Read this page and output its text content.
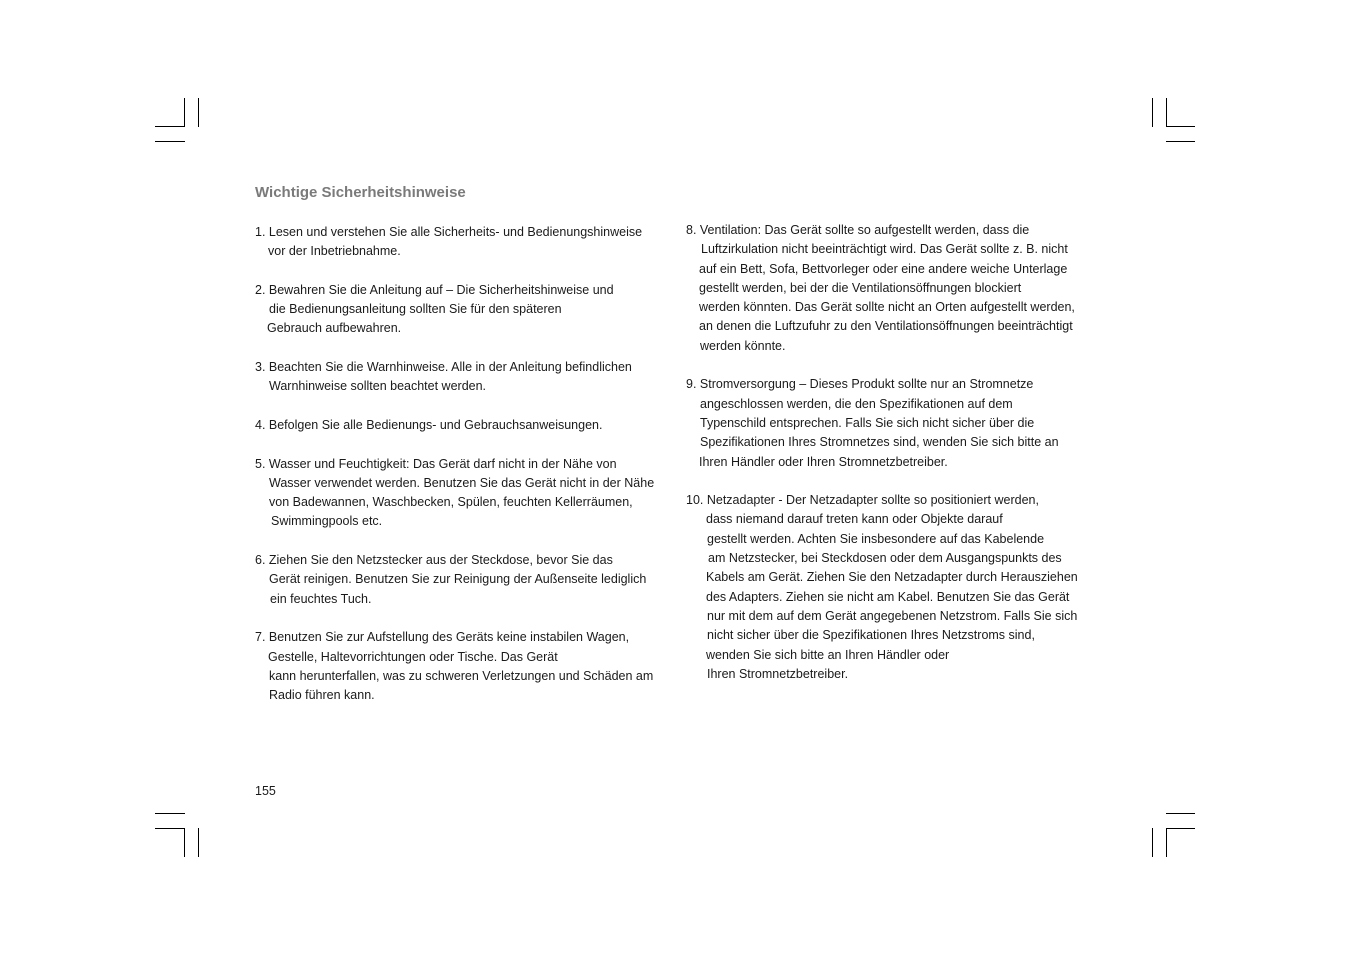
Wichtige Sicherheitshinweise
1. Lesen und verstehen Sie alle Sicherheits- und Bedienungshinweise
vor der Inbetriebnahme.
2. Bewahren Sie die Anleitung auf – Die Sicherheitshinweise und
die Bedienungsanleitung sollten Sie für den späteren
Gebrauch aufbewahren.
3. Beachten Sie die Warnhinweise. Alle in der Anleitung befindlichen
Warnhinweise sollten beachtet werden.
4. Befolgen Sie alle Bedienungs- und Gebrauchsanweisungen.
5. Wasser und Feuchtigkeit: Das Gerät darf nicht in der Nähe von
Wasser verwendet werden. Benutzen Sie das Gerät nicht in der Nähe
von Badewannen, Waschbecken, Spülen, feuchten Kellerräumen,
Swimmingpools etc.
6. Ziehen Sie den Netzstecker aus der Steckdose, bevor Sie das
Gerät reinigen. Benutzen Sie zur Reinigung der Außenseite lediglich
ein feuchtes Tuch.
7. Benutzen Sie zur Aufstellung des Geräts keine instabilen Wagen,
Gestelle, Haltevorrichtungen oder Tische. Das Gerät
kann herunterfallen, was zu schweren Verletzungen und Schäden am
Radio führen kann.
8. Ventilation: Das Gerät sollte so aufgestellt werden, dass die
Luftzirkulation nicht beeinträchtigt wird. Das Gerät sollte z. B. nicht
auf ein Bett, Sofa, Bettvorleger oder eine andere weiche Unterlage
gestellt werden, bei der die Ventilationsöffnungen blockiert
werden könnten. Das Gerät sollte nicht an Orten aufgestellt werden,
an denen die Luftzufuhr zu den Ventilationsöffnungen beeinträchtigt
werden könnte.
9. Stromversorgung – Dieses Produkt sollte nur an Stromnetze
angeschlossen werden, die den Spezifikationen auf dem
Typenschild entsprechen. Falls Sie sich nicht sicher über die
Spezifikationen Ihres Stromnetzes sind, wenden Sie sich bitte an
Ihren Händler oder Ihren Stromnetzbetreiber.
10. Netzadapter - Der Netzadapter sollte so positioniert werden,
dass niemand darauf treten kann oder Objekte darauf
gestellt werden. Achten Sie insbesondere auf das Kabelende
am Netzstecker, bei Steckdosen oder dem Ausgangspunkts des
Kabels am Gerät. Ziehen Sie den Netzadapter durch Herausziehen
des Adapters. Ziehen sie nicht am Kabel. Benutzen Sie das Gerät
nur mit dem auf dem Gerät angegebenen Netzstrom. Falls Sie sich
nicht sicher über die Spezifikationen Ihres Netzstroms sind,
wenden Sie sich bitte an Ihren Händler oder
Ihren Stromnetzbetreiber.
155
